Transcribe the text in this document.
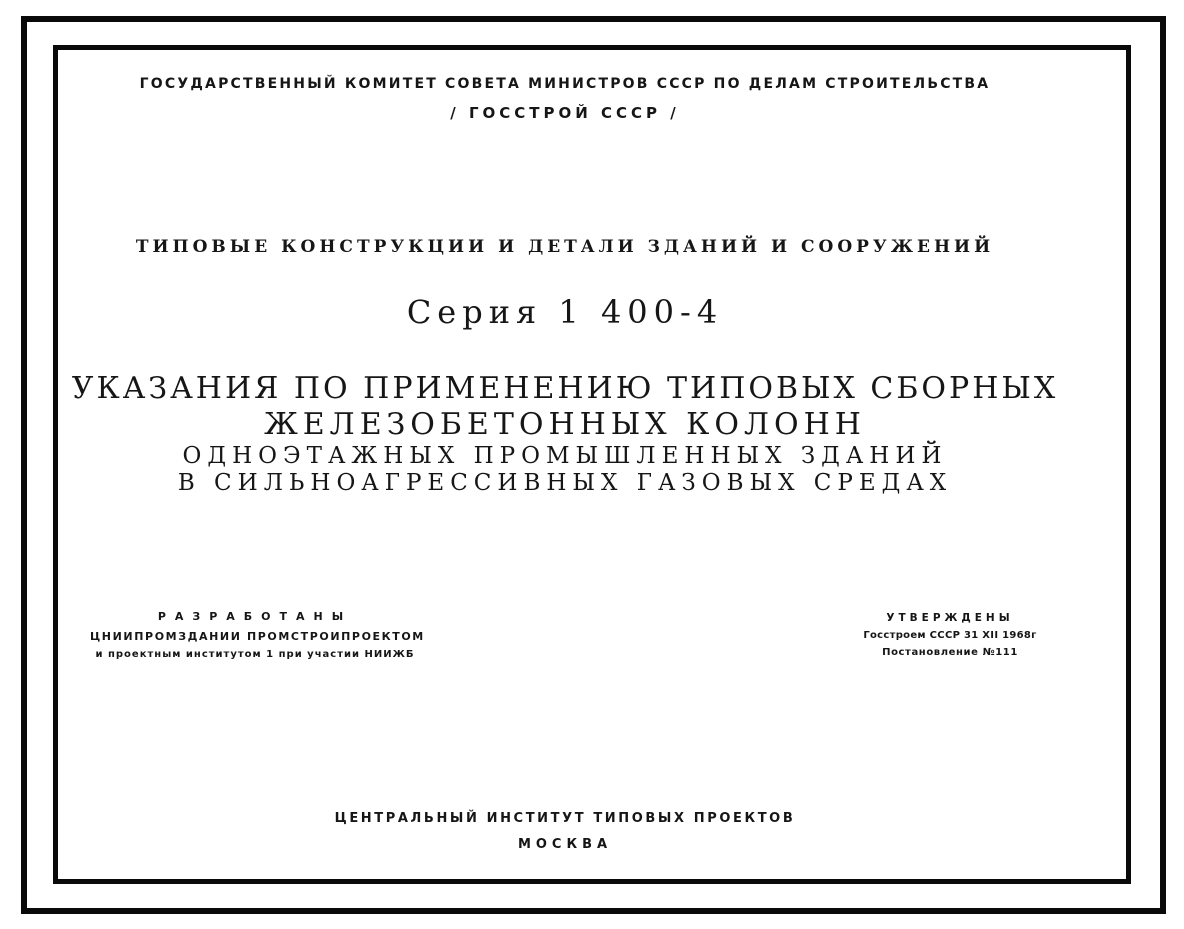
ГОСУДАРСТВЕННЫЙ КОМИТЕТ СОВЕТА МИНИСТРОВ СССР ПО ДЕЛАМ СТРОИТЕЛЬСТВА
/ ГОССТРОЙ СССР /
ТИПОВЫЕ КОНСТРУКЦИИ И ДЕТАЛИ ЗДАНИЙ И СООРУЖЕНИЙ
Серия 1 400-4
УКАЗАНИЯ ПО ПРИМЕНЕНИЮ ТИПОВЫХ СБОРНЫХ
ЖЕЛЕЗОБЕТОННЫХ КОЛОНН
ОДНОЭТАЖНЫХ ПРОМЫШЛЕННЫХ ЗДАНИЙ
В СИЛЬНОАГРЕССИВНЫХ ГАЗОВЫХ СРЕДАХ
РАЗРАБОТАНЫ
ЦНИИПРОМЗДАНИИ ПРОМСТРОИПРОЕКТОМ
и проектным институтом 1 при участии НИИЖБ
УТВЕРЖДЕНЫ
Госстроем СССР 31 XII 1968г
Постановление №111
ЦЕНТРАЛЬНЫЙ ИНСТИТУТ ТИПОВЫХ ПРОЕКТОВ
МОСКВА
